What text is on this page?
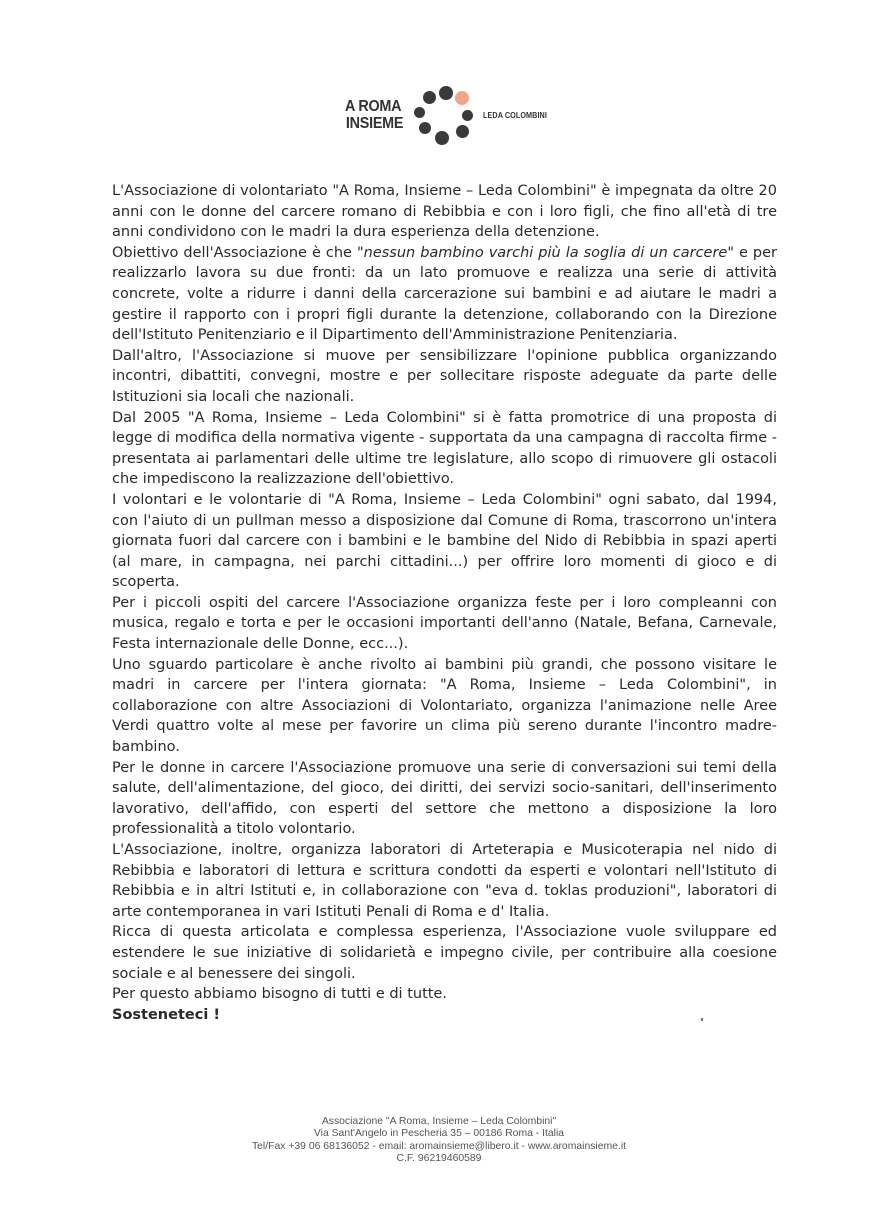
A ROMA
INSIEME	LEDA COLOMBINI

L'Associazione di volontariato "A Roma, Insieme – Leda Colombini" è impegnata da oltre 20 anni con le donne del carcere romano di Rebibbia e con i loro figli, che fino all'età di tre anni condividono con le madri la dura esperienza della detenzione.

Obiettivo dell'Associazione è che "nessun bambino varchi più la soglia di un carcere" e per realizzarlo lavora su due fronti: da un lato promuove e realizza una serie di attività concrete, volte a ridurre i danni della carcerazione sui bambini e ad aiutare le madri a gestire il rapporto con i propri figli durante la detenzione, collaborando con la Direzione dell'Istituto Penitenziario e il Dipartimento dell'Amministrazione Penitenziaria.

Dall'altro, l'Associazione si muove per sensibilizzare l'opinione pubblica organizzando incontri, dibattiti, convegni, mostre e per sollecitare risposte adeguate da parte delle Istituzioni sia locali che nazionali.

Dal 2005 "A Roma, Insieme – Leda Colombini" si è fatta promotrice di una proposta di legge di modifica della normativa vigente - supportata da una campagna di raccolta firme - presentata ai parlamentari delle ultime tre legislature, allo scopo di rimuovere gli ostacoli che impediscono la realizzazione dell'obiettivo.

I volontari e le volontarie di "A Roma, Insieme – Leda Colombini" ogni sabato, dal 1994, con l'aiuto di un pullman messo a disposizione dal Comune di Roma, trascorrono un'intera giornata fuori dal carcere con i bambini e le bambine del Nido di Rebibbia in spazi aperti (al mare, in campagna, nei parchi cittadini...) per offrire loro momenti di gioco e di scoperta.

Per i piccoli ospiti del carcere l'Associazione organizza feste per i loro compleanni con musica, regalo e torta e per le occasioni importanti dell'anno (Natale, Befana, Carnevale, Festa internazionale delle Donne, ecc...).

Uno sguardo particolare è anche rivolto ai bambini più grandi, che possono visitare le madri in carcere per l'intera giornata: "A Roma, Insieme – Leda Colombini", in collaborazione con altre Associazioni di Volontariato, organizza l'animazione nelle Aree Verdi quattro volte al mese per favorire un clima più sereno durante l'incontro madre-bambino.

Per le donne in carcere l'Associazione promuove una serie di conversazioni sui temi della salute, dell'alimentazione, del gioco, dei diritti, dei servizi socio-sanitari, dell'inserimento lavorativo, dell'affido, con esperti del settore che mettono a disposizione la loro professionalità a titolo volontario.

L'Associazione, inoltre, organizza laboratori di Arteterapia e Musicoterapia nel nido di Rebibbia e laboratori di lettura e scrittura condotti da esperti e volontari nell'Istituto di Rebibbia e in altri Istituti e, in collaborazione con "eva d. toklas produzioni", laboratori di arte contemporanea in vari Istituti Penali di Roma e d' Italia.

Ricca di questa articolata e complessa esperienza, l'Associazione vuole sviluppare ed estendere le sue iniziative di solidarietà e impegno civile, per contribuire alla coesione sociale e al benessere dei singoli.

Per questo abbiamo bisogno di tutti e di tutte.

Sosteneteci !

Associazione "A Roma, Insieme – Leda Colombini"
Via Sant'Angelo in Pescheria 35 – 00186 Roma - Italia
Tel/Fax +39 06 68136052 - email: aromainsieme@libero.it - www.aromainsieme.it
C.F. 96219460589
